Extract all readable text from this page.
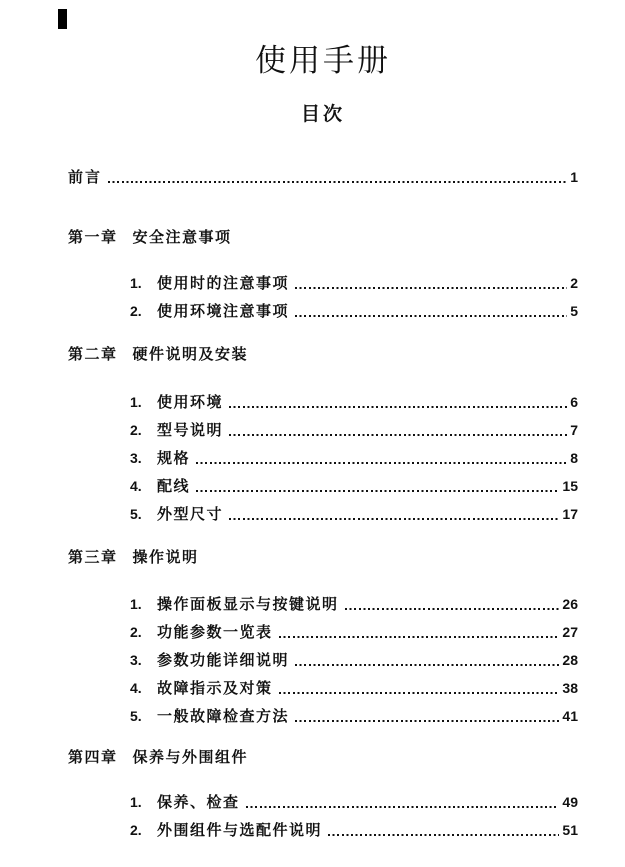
使用手册
目次
前言	1
第一章 安全注意事项
1.	使用时的注意事项	2
2.	使用环境注意事项	5
第二章 硬件说明及安装
1.	使用环境	6
2.	型号说明	7
3.	规格	8
4.	配线	15
5.	外型尺寸	17
第三章 操作说明
1.	操作面板显示与按键说明	26
2.	功能参数一览表	27
3.	参数功能详细说明	28
4.	故障指示及对策	38
5.	一般故障检查方法	41
第四章 保养与外围组件
1.	保养、检查	49
2.	外围组件与选配件说明	51
